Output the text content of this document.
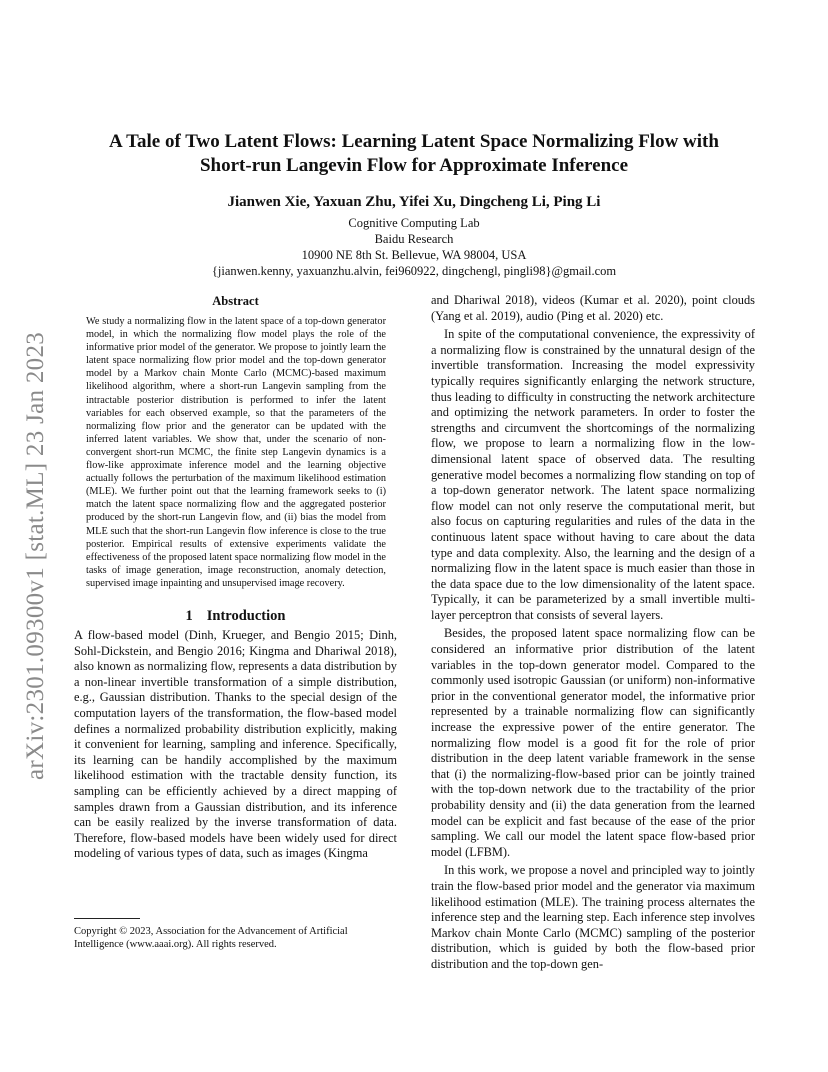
arXiv:2301.09300v1 [stat.ML] 23 Jan 2023
A Tale of Two Latent Flows: Learning Latent Space Normalizing Flow with
Short-run Langevin Flow for Approximate Inference
Jianwen Xie, Yaxuan Zhu, Yifei Xu, Dingcheng Li, Ping Li
Cognitive Computing Lab
Baidu Research
10900 NE 8th St. Bellevue, WA 98004, USA
{jianwen.kenny, yaxuanzhu.alvin, fei960922, dingchengl, pingli98}@gmail.com
Abstract

We study a normalizing flow in the latent space of a top-down generator model, in which the normalizing flow model plays the role of the informative prior model of the generator. We propose to jointly learn the latent space normalizing flow prior model and the top-down generator model by a Markov chain Monte Carlo (MCMC)-based maximum likelihood algorithm, where a short-run Langevin sampling from the intractable posterior distribution is performed to infer the latent variables for each observed example, so that the parameters of the normalizing flow prior and the generator can be updated with the inferred latent variables. We show that, under the scenario of non-convergent short-run MCMC, the finite step Langevin dynamics is a flow-like approximate inference model and the learning objective actually follows the perturbation of the maximum likelihood estimation (MLE). We further point out that the learning framework seeks to (i) match the latent space normalizing flow and the aggregated posterior produced by the short-run Langevin flow, and (ii) bias the model from MLE such that the short-run Langevin flow inference is close to the true posterior. Empirical results of extensive experiments validate the effectiveness of the proposed latent space normalizing flow model in the tasks of image generation, image reconstruction, anomaly detection, supervised image inpainting and unsupervised image recovery.

1 Introduction

A flow-based model (Dinh, Krueger, and Bengio 2015; Dinh, Sohl-Dickstein, and Bengio 2016; Kingma and Dhariwal 2018), also known as normalizing flow, represents a data distribution by a non-linear invertible transformation of a simple distribution, e.g., Gaussian distribution. Thanks to the special design of the computation layers of the transformation, the flow-based model defines a normalized probability distribution explicitly, making it convenient for learning, sampling and inference. Specifically, its learning can be handily accomplished by the maximum likelihood estimation with the tractable density function, its sampling can be efficiently achieved by a direct mapping of samples drawn from a Gaussian distribution, and its inference can be easily realized by the inverse transformation of data. Therefore, flow-based models have been widely used for direct modeling of various types of data, such as images (Kingma

and Dhariwal 2018), videos (Kumar et al. 2020), point clouds (Yang et al. 2019), audio (Ping et al. 2020) etc.

In spite of the computational convenience, the expressivity of a normalizing flow is constrained by the unnatural design of the invertible transformation. Increasing the model expressivity typically requires significantly enlarging the network structure, thus leading to difficulty in constructing the network architecture and optimizing the network parameters. In order to foster the strengths and circumvent the shortcomings of the normalizing flow, we propose to learn a normalizing flow in the low-dimensional latent space of observed data. The resulting generative model becomes a normalizing flow standing on top of a top-down generator network. The latent space normalizing flow model can not only reserve the computational merit, but also focus on capturing regularities and rules of the data in the continuous latent space without having to care about the data type and data complexity. Also, the learning and the design of a normalizing flow in the latent space is much easier than those in the data space due to the low dimensionality of the latent space. Typically, it can be parameterized by a small invertible multi-layer perceptron that consists of several layers.

Besides, the proposed latent space normalizing flow can be considered an informative prior distribution of the latent variables in the top-down generator model. Compared to the commonly used isotropic Gaussian (or uniform) non-informative prior in the conventional generator model, the informative prior represented by a trainable normalizing flow can significantly increase the expressive power of the entire generator. The normalizing flow model is a good fit for the role of prior distribution in the deep latent variable framework in the sense that (i) the normalizing-flow-based prior can be jointly trained with the top-down network due to the tractability of the prior probability density and (ii) the data generation from the learned model can be explicit and fast because of the ease of the prior sampling. We call our model the latent space flow-based prior model (LFBM).

In this work, we propose a novel and principled way to jointly train the flow-based prior model and the generator via maximum likelihood estimation (MLE). The training process alternates the inference step and the learning step. Each inference step involves Markov chain Monte Carlo (MCMC) sampling of the posterior distribution, which is guided by both the flow-based prior distribution and the top-down gen-

Copyright © 2023, Association for the Advancement of Artificial Intelligence (www.aaai.org). All rights reserved.
